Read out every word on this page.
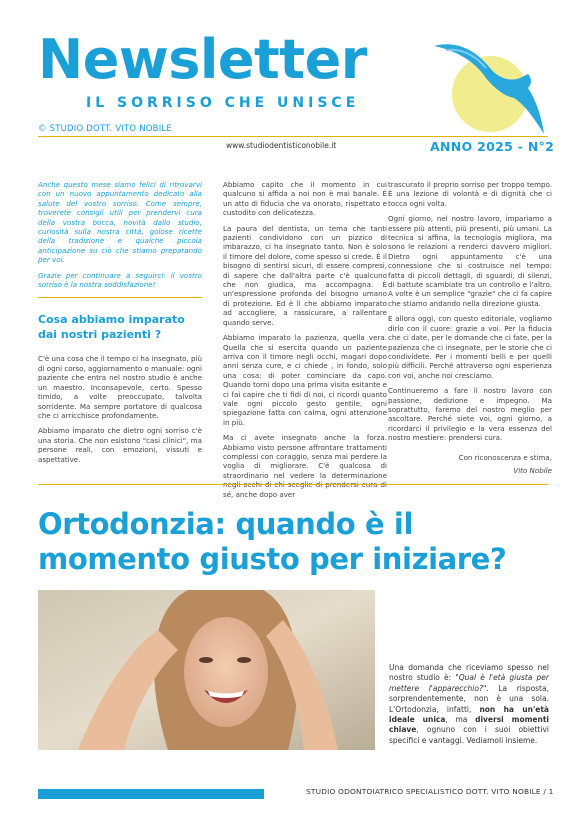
Newsletter
IL SORRISO CHE UNISCE
© STUDIO DOTT. VITO NOBILE
www.studiodentisticonobile.it	ANNO 2025 - N°2

Anche questo mese siamo felici di ritrovarvi con un nuovo appuntamento dedicato alla salute del vostro sorriso. Come sempre, troverete consigli utili per prendervi cura della vostra bocca, novità dallo studio, curiosità sulla nostra città, golose ricette della tradizione e qualche piccola anticipazione su ciò che stiamo preparando per voi.

Grazie per continuare a seguirci: il vostro sorriso è la nostra soddisfazione!

Cosa abbiamo imparato dai nostri pazienti ?

C'è una cosa che il tempo ci ha insegnato, più di ogni corso, aggiornamento o manuale: ogni paziente che entra nel nostro studio è anche un maestro. Inconsapevole, certo. Spesso timido, a volte preoccupato, talvolta sorridente. Ma sempre portatore di qualcosa che ci arricchisce profondamente.

Abbiamo imparato che dietro ogni sorriso c'è una storia. Che non esistono "casi clinici", ma persone reali, con emozioni, vissuti e aspettative.

Abbiamo capito che il momento in cui qualcuno si affida a noi non è mai banale. È un atto di fiducia che va onorato, rispettato e custodito con delicatezza.

La paura del dentista, un tema che tanti pazienti condividono con un pizzico di imbarazzo, ci ha insegnato tanto. Non è solo il timore del dolore, come spesso si crede. È il bisogno di sentirsi sicuri, di essere compresi, di sapere che dall'altra parte c'è qualcuno che non giudica, ma accompagna. È un'espressione profonda del bisogno umano di protezione. Ed è lì che abbiamo imparato ad accogliere, a rassicurare, a rallentare quando serve.

Abbiamo imparato la pazienza, quella vera. Quella che si esercita quando un paziente arriva con il timore negli occhi, magari dopo anni senza cure, e ci chiede , in fondo, solo una cosa: di poter cominciare da capo. Quando torni dopo una prima visita esitante e ci fai capire che ti fidi di noi, ci ricordi quanto vale ogni piccolo gesto gentile, ogni spiegazione fatta con calma, ogni attenzione in più.

Ma ci avete insegnato anche la forza. Abbiamo visto persone affrontare trattamenti complessi con coraggio, senza mai perdere la voglia di migliorare. C'è qualcosa di straordinario nel vedere la determinazione sé, anche dopo aver

trascurato il proprio sorriso per troppo tempo. È una lezione di volontà e di dignità che ci tocca ogni volta.

Ogni giorno, nel nostro lavoro, impariamo a essere più attenti, più presenti, più umani. La tecnica si affina, la tecnologia migliora, ma sono le relazioni a renderci davvero migliori. Dietro ogni appuntamento c'è una connessione che si costruisce nel tempo: fatta di piccoli dettagli, di sguardi, di silenzi, di battute scambiate tra un controllo e l'altro. A volte è un semplice "grazie" che ci fa capire che stiamo andando nella direzione giusta.

E allora oggi, con questo editoriale, vogliamo dirlo con il cuore: grazie a voi. Per la fiducia che ci date, per le domande che ci fate, per la pazienza che ci insegnate, per le storie che ci condividete. Per i momenti belli e per quelli più difficili. Perché attraverso ogni esperienza con voi, anche noi cresciamo.

Continueremo a fare il nostro lavoro con passione, dedizione e impegno. Ma soprattutto, faremo del nostro meglio per ascoltare. Perché siete voi, ogni giorno, a ricordarci il privilegio e la vera essenza del nostro mestiere: prendersi cura.

Con riconoscenza e stima,
Vito Nobile
Ortodonzia: quando è il momento giusto per iniziare?
Una domanda che riceviamo spesso nel nostro studio è: "Qual è l'età giusta per mettere l'apparecchio?". La risposta, sorprendentemente, non è una sola. L'Ortodonzia, infatti, non ha un'età ideale unica, ma diversi momenti chiave, ognuno con i suoi obiettivi specifici e vantaggi. Vediamoli insieme.
STUDIO ODONTOIATRICO SPECIALISTICO DOTT. VITO NOBILE / 1
